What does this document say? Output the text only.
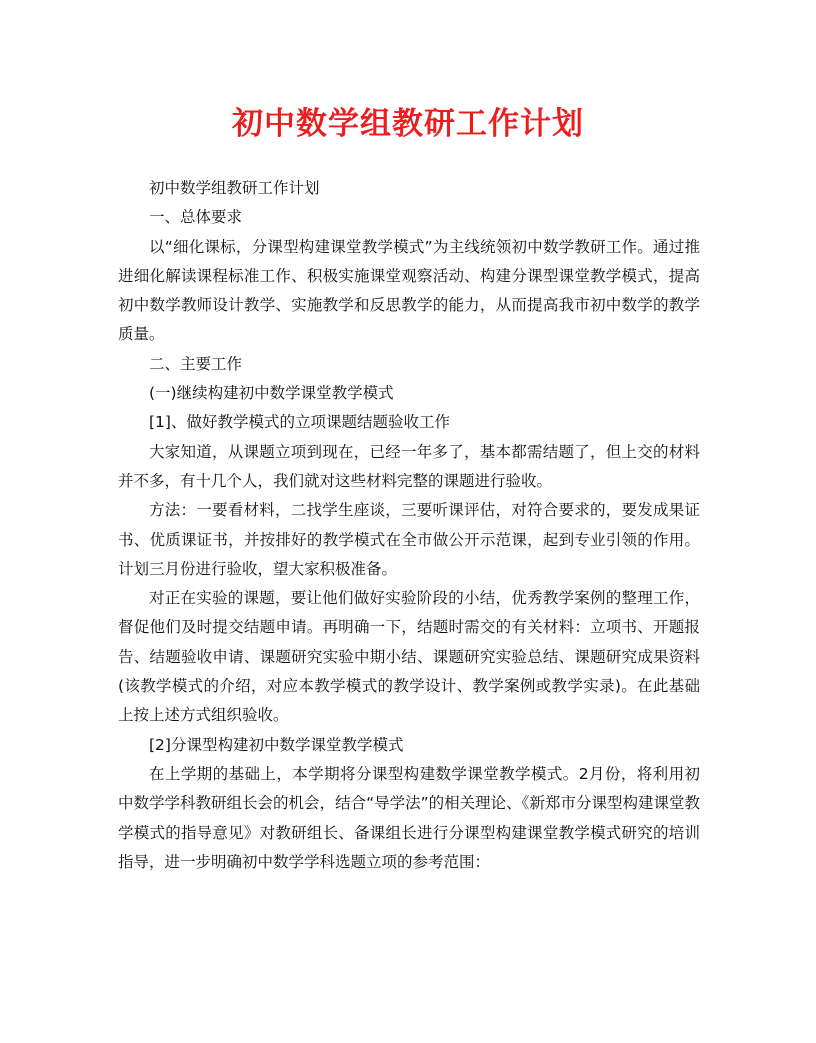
初中数学组教研工作计划

初中数学组教研工作计划

一、总体要求

以“细化课标，分课型构建课堂教学模式”为主线统领初中数学教研工作。通过推进细化解读课程标准工作、积极实施课堂观察活动、构建分课型课堂教学模式，提高初中数学教师设计教学、实施教学和反思教学的能力，从而提高我市初中数学的教学质量。

二、主要工作

(一)继续构建初中数学课堂教学模式

[1]、做好教学模式的立项课题结题验收工作

大家知道，从课题立项到现在，已经一年多了，基本都需结题了，但上交的材料并不多，有十几个人，我们就对这些材料完整的课题进行验收。

方法：一要看材料，二找学生座谈，三要听课评估，对符合要求的，要发成果证书、优质课证书，并按排好的教学模式在全市做公开示范课，起到专业引领的作用。 计划三月份进行验收，望大家积极准备。

对正在实验的课题，要让他们做好实验阶段的小结，优秀教学案例的整理工作，督促他们及时提交结题申请。再明确一下，结题时需交的有关材料：立项书、开题报告、结题验收申请、课题研究实验中期小结、课题研究实验总结、课题研究成果资料(该教学模式的介绍，对应本教学模式的教学设计、教学案例或教学实录)。在此基础上按上述方式组织验收。

[2]分课型构建初中数学课堂教学模式

在上学期的基础上，本学期将分课型构建数学课堂教学模式。2月份，将利用初中数学学科教研组长会的机会，结合“导学法”的相关理论、《新郑市分课型构建课堂教学模式的指导意见》对教研组长、备课组长进行分课型构建课堂教学模式研究的培训指导，进一步明确初中数学学科选题立项的参考范围：
